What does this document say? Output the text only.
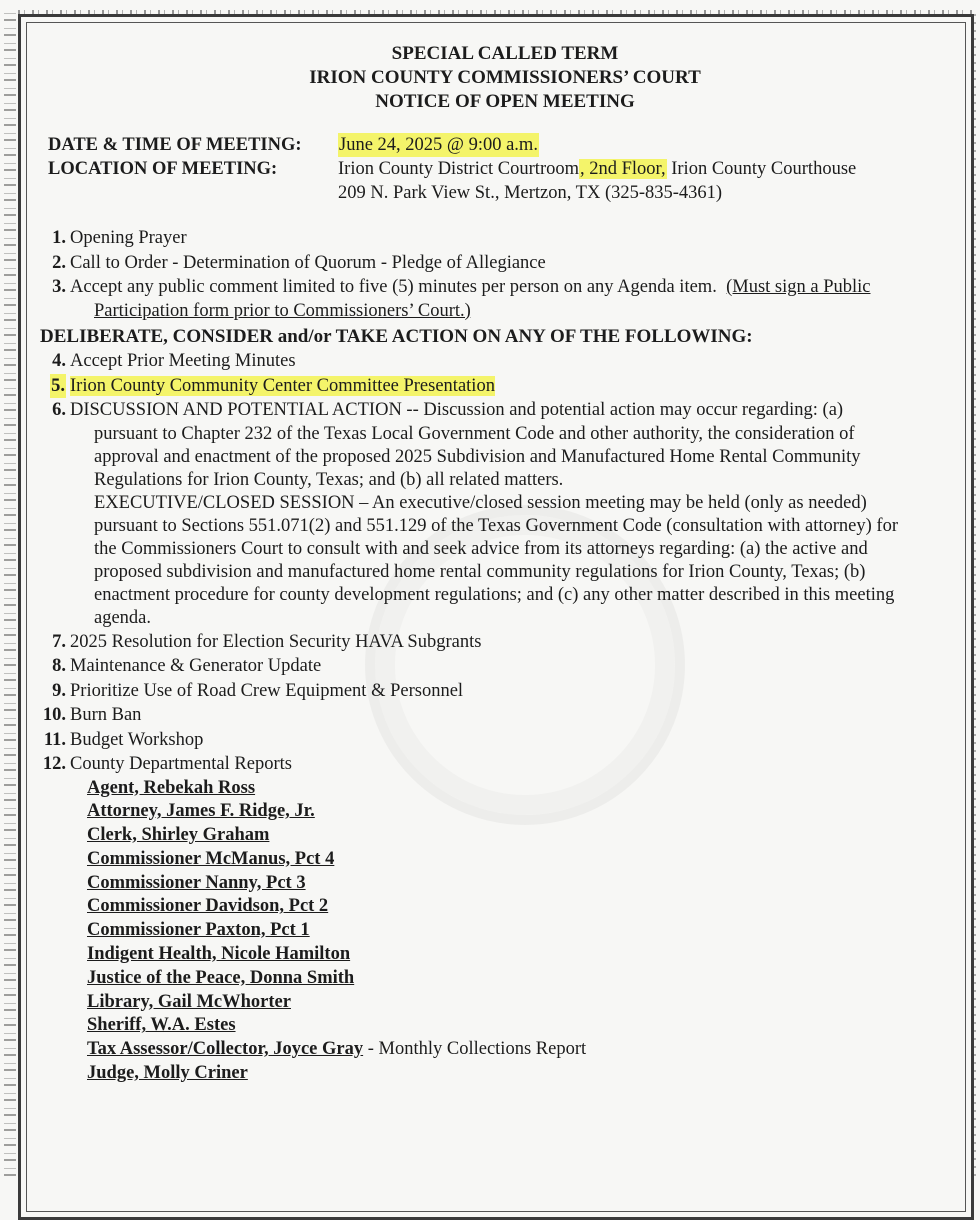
SPECIAL CALLED TERM
IRION COUNTY COMMISSIONERS’ COURT
NOTICE OF OPEN MEETING
DATE & TIME OF MEETING:	June 24, 2025 @ 9:00 a.m.
LOCATION OF MEETING:	Irion County District Courtroom, 2nd Floor, Irion County Courthouse
209 N. Park View St., Mertzon, TX (325-835-4361)
1. Opening Prayer
2. Call to Order - Determination of Quorum - Pledge of Allegiance
3. Accept any public comment limited to five (5) minutes per person on any Agenda item. (Must sign a Public
Participation form prior to Commissioners’ Court.)
DELIBERATE, CONSIDER and/or TAKE ACTION ON ANY OF THE FOLLOWING:
4. Accept Prior Meeting Minutes
5. Irion County Community Center Committee Presentation
6. DISCUSSION AND POTENTIAL ACTION -- Discussion and potential action may occur regarding: (a)
pursuant to Chapter 232 of the Texas Local Government Code and other authority, the consideration of
approval and enactment of the proposed 2025 Subdivision and Manufactured Home Rental Community
Regulations for Irion County, Texas; and (b) all related matters.
EXECUTIVE/CLOSED SESSION – An executive/closed session meeting may be held (only as needed)
pursuant to Sections 551.071(2) and 551.129 of the Texas Government Code (consultation with attorney) for
the Commissioners Court to consult with and seek advice from its attorneys regarding: (a) the active and
proposed subdivision and manufactured home rental community regulations for Irion County, Texas; (b)
enactment procedure for county development regulations; and (c) any other matter described in this meeting
agenda.
7. 2025 Resolution for Election Security HAVA Subgrants
8. Maintenance & Generator Update
9. Prioritize Use of Road Crew Equipment & Personnel
10. Burn Ban
11. Budget Workshop
12. County Departmental Reports
Agent, Rebekah Ross
Attorney, James F. Ridge, Jr.
Clerk, Shirley Graham
Commissioner McManus, Pct 4
Commissioner Nanny, Pct 3
Commissioner Davidson, Pct 2
Commissioner Paxton, Pct 1
Indigent Health, Nicole Hamilton
Justice of the Peace, Donna Smith
Library, Gail McWhorter
Sheriff, W.A. Estes
Tax Assessor/Collector, Joyce Gray - Monthly Collections Report
Judge, Molly Criner
